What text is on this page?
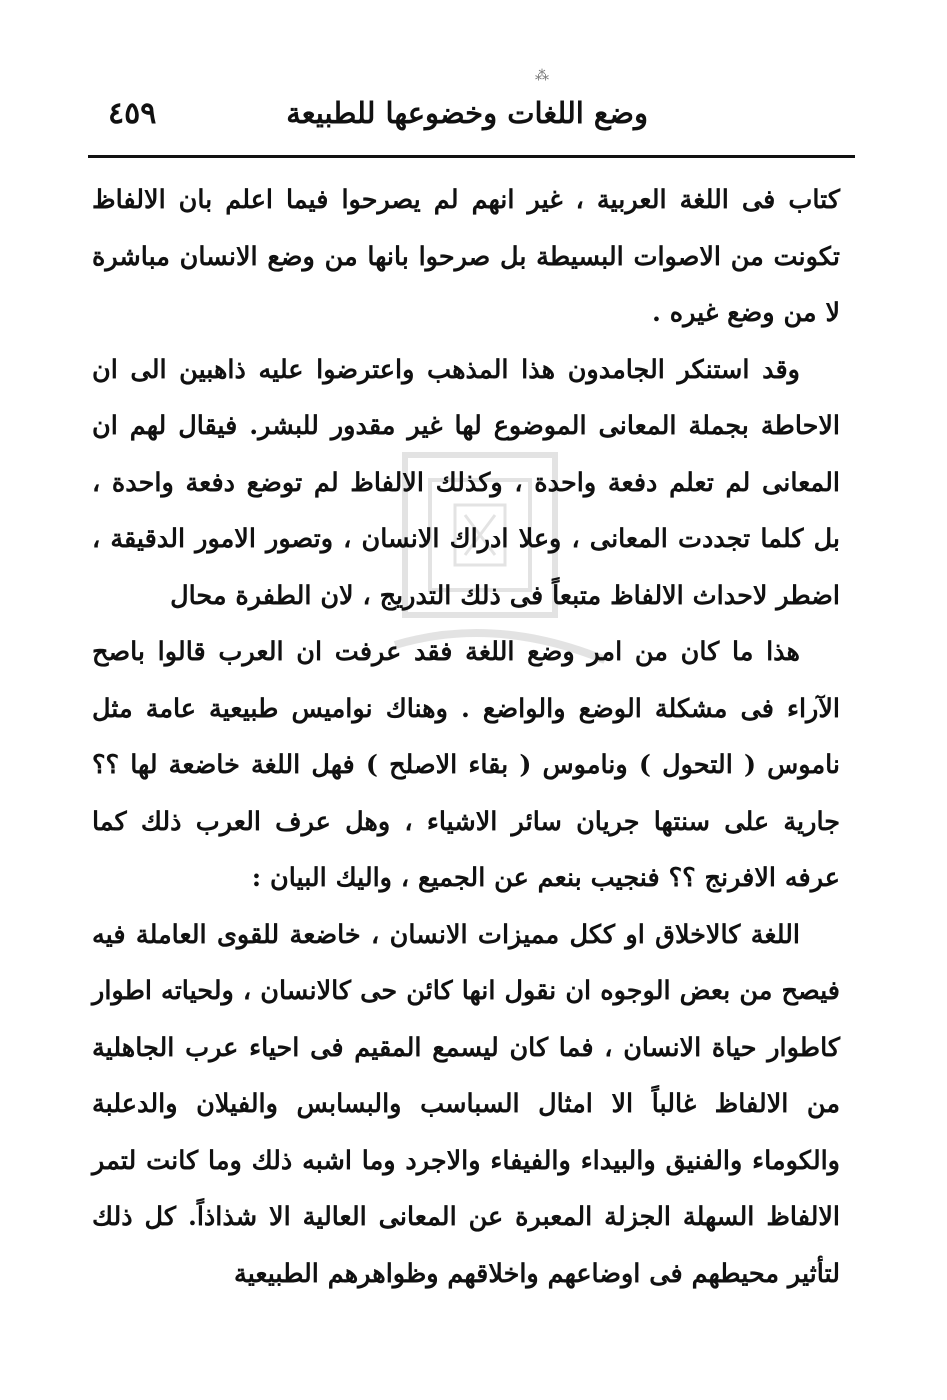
⁂
وضع اللغات وخضوعها للطبيعة
٤٥٩

كتاب فى اللغة العربية ، غير انهم لم يصرحوا فيما اعلم بان الالفاظ تكونت من الاصوات البسيطة بل صرحوا بانها من وضع الانسان مباشرة لا من وضع غيره .

وقد استنكر الجامدون هذا المذهب واعترضوا عليه ذاهبين الى ان الاحاطة بجملة المعانى الموضوع لها غير مقدور للبشر. فيقال لهم ان المعانى لم تعلم دفعة واحدة ، وكذلك الالفاظ لم توضع دفعة واحدة ، بل كلما تجددت المعانى ، وعلا ادراك الانسان ، وتصور الامور الدقيقة ، اضطر لاحداث الالفاظ متبعاً فى ذلك التدريج ، لان الطفرة محال

هذا ما كان من امر وضع اللغة فقد عرفت ان العرب قالوا باصح الآراء فى مشكلة الوضع والواضع . وهناك نواميس طبيعية عامة مثل ناموس ( التحول ) وناموس ( بقاء الاصلح ) فهل اللغة خاضعة لها ؟؟ جارية على سنتها جريان سائر الاشياء ، وهل عرف العرب ذلك كما عرفه الافرنج ؟؟ فنجيب بنعم عن الجميع ، واليك البيان :

اللغة كالاخلاق او ككل مميزات الانسان ، خاضعة للقوى العاملة فيه فيصح من بعض الوجوه ان نقول انها كائن حى كالانسان ، ولحياته اطوار كاطوار حياة الانسان ، فما كان ليسمع المقيم فى احياء عرب الجاهلية من الالفاظ غالباً الا امثال السباسب والبسابس والفيلان والدعلبة والكوماء والفنيق والبيداء والفيفاء والاجرد وما اشبه ذلك وما كانت لتمر الالفاظ السهلة الجزلة المعبرة عن المعانى العالية الا شذاذاً. كل ذلك لتأثير محيطهم فى اوضاعهم واخلاقهم وظواهرهم الطبيعية
